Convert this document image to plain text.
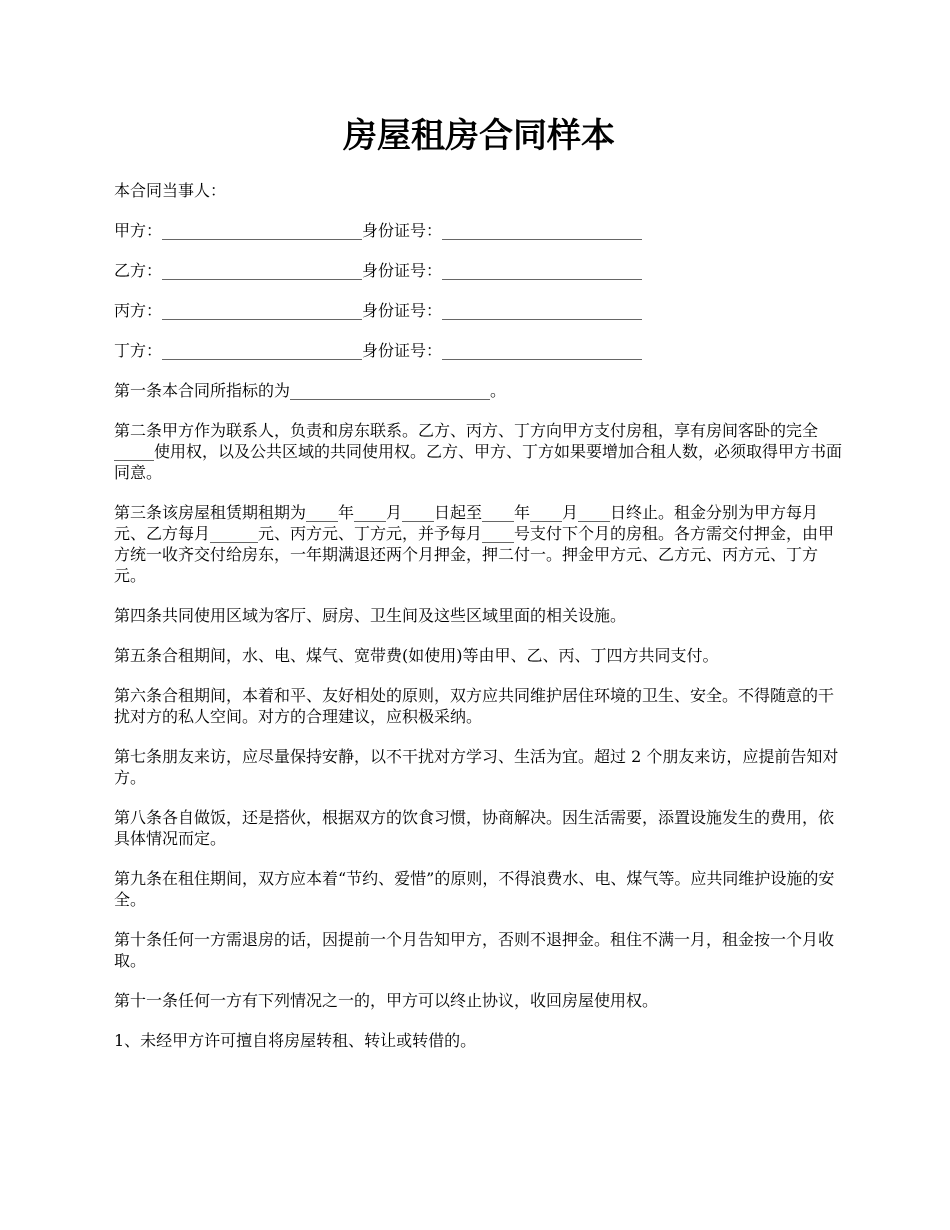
房屋租房合同样本

本合同当事人：

甲方：_________________________身份证号：_________________________

乙方：_________________________身份证号：_________________________

丙方：_________________________身份证号：_________________________

丁方：_________________________身份证号：_________________________

第一条本合同所指标的为_________________________。

第二条甲方作为联系人，负责和房东联系。乙方、丙方、丁方向甲方支付房租，享有房间客卧的完全_____使用权，以及公共区域的共同使用权。乙方、甲方、丁方如果要增加合租人数，必须取得甲方书面同意。

第三条该房屋租赁期租期为____年____月____日起至____年____月____日终止。租金分别为甲方每月元、乙方每月______元、丙方元、丁方元，并予每月____号支付下个月的房租。各方需交付押金，由甲方统一收齐交付给房东，一年期满退还两个月押金，押二付一。押金甲方元、乙方元、丙方元、丁方元。

第四条共同使用区域为客厅、厨房、卫生间及这些区域里面的相关设施。

第五条合租期间，水、电、煤气、宽带费(如使用)等由甲、乙、丙、丁四方共同支付。

第六条合租期间，本着和平、友好相处的原则，双方应共同维护居住环境的卫生、安全。不得随意的干扰对方的私人空间。对方的合理建议，应积极采纳。

第七条朋友来访，应尽量保持安静，以不干扰对方学习、生活为宜。超过 2 个朋友来访，应提前告知对方。

第八条各自做饭，还是搭伙，根据双方的饮食习惯，协商解决。因生活需要，添置设施发生的费用，依具体情况而定。

第九条在租住期间，双方应本着“节约、爱惜”的原则，不得浪费水、电、煤气等。应共同维护设施的安全。

第十条任何一方需退房的话，因提前一个月告知甲方，否则不退押金。租住不满一月，租金按一个月收取。

第十一条任何一方有下列情况之一的，甲方可以终止协议，收回房屋使用权。

1、未经甲方许可擅自将房屋转租、转让或转借的。
